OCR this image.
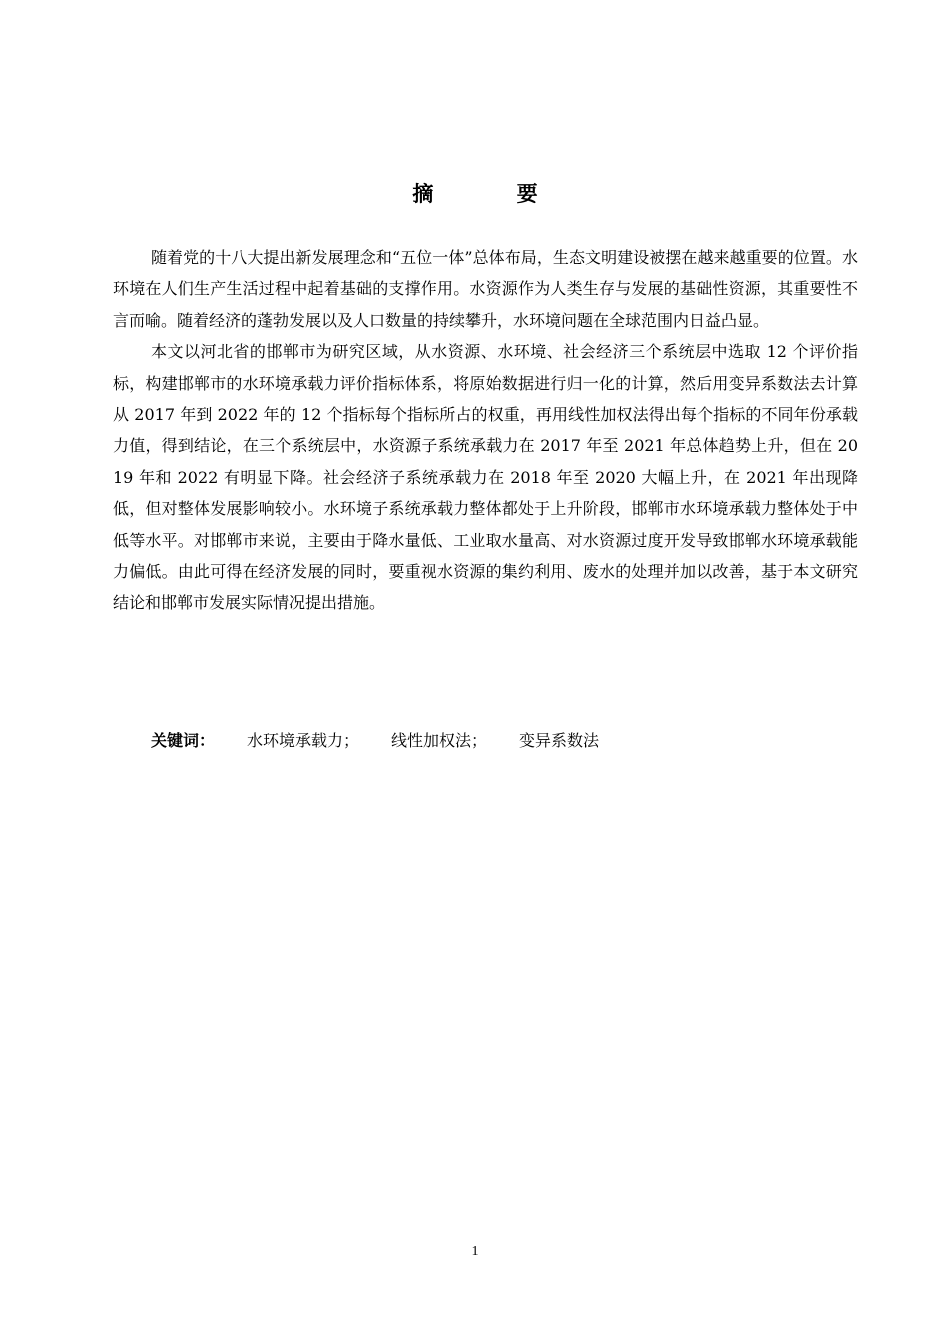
摘 要

随着党的十八大提出新发展理念和“五位一体”总体布局，生态文明建设被摆在越来越重要的位置。水环境在人们生产生活过程中起着基础的支撑作用。水资源作为人类生存与发展的基础性资源，其重要性不言而喻。随着经济的蓬勃发展以及人口数量的持续攀升，水环境问题在全球范围内日益凸显。

本文以河北省的邯郸市为研究区域，从水资源、水环境、社会经济三个系统层中选取 12 个评价指标，构建邯郸市的水环境承载力评价指标体系，将原始数据进行归一化的计算，然后用变异系数法去计算从 2017 年到 2022 年的 12 个指标每个指标所占的权重，再用线性加权法得出每个指标的不同年份承载力值，得到结论，在三个系统层中，水资源子系统承载力在 2017 年至 2021 年总体趋势上升，但在 2019 年和 2022 有明显下降。社会经济子系统承载力在 2018 年至 2020 大幅上升，在 2021 年出现降低，但对整体发展影响较小。水环境子系统承载力整体都处于上升阶段，邯郸市水环境承载力整体处于中低等水平。对邯郸市来说，主要由于降水量低、工业取水量高、对水资源过度开发导致邯郸水环境承载能力偏低。由此可得在经济发展的同时，要重视水资源的集约利用、废水的处理并加以改善，基于本文研究结论和邯郸市发展实际情况提出措施。

关键词： 水环境承载力； 线性加权法； 变异系数法
1
